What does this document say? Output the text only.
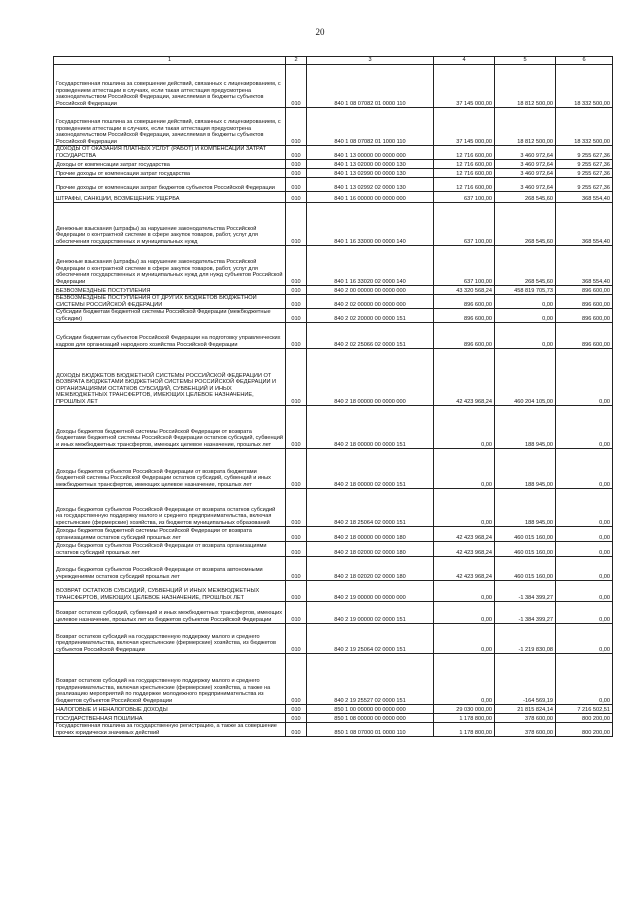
20
1	2	3	4	5	6
Государственная пошлина за совершение действий, связанных с лицензированием, с проведением аттестации в случаях, если такая аттестация предусмотрена законодательством Российской Федерации, зачисляемая в бюджеты субъектов Российской Федерации	010	840 1 08 07082 01 0000 110	37 145 000,00	18 812 500,00	18 332 500,00
Государственная пошлина за совершение действий, связанных с лицензированием, с проведением аттестации в случаях, если такая аттестация предусмотрена законодательством Российской Федерации, зачисляемая в бюджеты субъектов Российской Федерации	010	840 1 08 07082 01 1000 110	37 145 000,00	18 812 500,00	18 332 500,00
ДОХОДЫ ОТ ОКАЗАНИЯ ПЛАТНЫХ УСЛУГ (РАБОТ) И КОМПЕНСАЦИИ ЗАТРАТ ГОСУДАРСТВА	010	840 1 13 00000 00 0000 000	12 716 600,00	3 460 972,64	9 255 627,36
Доходы от компенсации затрат государства	010	840 1 13 02000 00 0000 130	12 716 600,00	3 460 972,64	9 255 627,36
Прочие доходы от компенсации затрат государства	010	840 1 13 02990 00 0000 130	12 716 600,00	3 460 972,64	9 255 627,36
Прочие доходы от компенсации затрат бюджетов субъектов Российской Федерации	010	840 1 13 02992 02 0000 130	12 716 600,00	3 460 972,64	9 255 627,36
ШТРАФЫ, САНКЦИИ, ВОЗМЕЩЕНИЕ УЩЕРБА	010	840 1 16 00000 00 0000 000	637 100,00	268 545,60	368 554,40
Денежные взыскания (штрафы) за нарушение законодательства Российской Федерации о контрактной системе в сфере закупок товаров, работ, услуг для обеспечения государственных и муниципальных нужд	010	840 1 16 33000 00 0000 140	637 100,00	268 545,60	368 554,40
Денежные взыскания (штрафы) за нарушение законодательства Российской Федерации о контрактной системе в сфере закупок товаров, работ, услуг для обеспечения государственных и муниципальных нужд для нужд субъектов Российской Федерации	010	840 1 16 33020 02 0000 140	637 100,00	268 545,60	368 554,40
БЕЗВОЗМЕЗДНЫЕ ПОСТУПЛЕНИЯ	010	840 2 00 00000 00 0000 000	43 320 568,24	458 819 705,73	896 600,00
БЕЗВОЗМЕЗДНЫЕ ПОСТУПЛЕНИЯ ОТ ДРУГИХ БЮДЖЕТОВ БЮДЖЕТНОЙ СИСТЕМЫ РОССИЙСКОЙ ФЕДЕРАЦИИ	010	840 2 02 00000 00 0000 000	896 600,00	0,00	896 600,00
Субсидии бюджетам бюджетной системы Российской Федерации (межбюджетные субсидии)	010	840 2 02 20000 00 0000 151	896 600,00	0,00	896 600,00
Субсидии бюджетам субъектов Российской Федерации на подготовку управленческих кадров для организаций народного хозяйства Российской Федерации	010	840 2 02 25066 02 0000 151	896 600,00	0,00	896 600,00
ДОХОДЫ БЮДЖЕТОВ БЮДЖЕТНОЙ СИСТЕМЫ РОССИЙСКОЙ ФЕДЕРАЦИИ ОТ ВОЗВРАТА БЮДЖЕТАМИ БЮДЖЕТНОЙ СИСТЕМЫ РОССИЙСКОЙ ФЕДЕРАЦИИ И ОРГАНИЗАЦИЯМИ ОСТАТКОВ СУБСИДИЙ, СУБВЕНЦИЙ И ИНЫХ МЕЖБЮДЖЕТНЫХ ТРАНСФЕРТОВ, ИМЕЮЩИХ ЦЕЛЕВОЕ НАЗНАЧЕНИЕ, ПРОШЛЫХ ЛЕТ	010	840 2 18 00000 00 0000 000	42 423 968,24	460 204 105,00	0,00
Доходы бюджетов бюджетной системы Российской Федерации от возврата бюджетами бюджетной системы Российской Федерации остатков субсидий, субвенций и иных межбюджетных трансфертов, имеющих целевое назначение, прошлых лет	010	840 2 18 00000 00 0000 151	0,00	188 945,00	0,00
Доходы бюджетов субъектов Российской Федерации от возврата бюджетами бюджетной системы Российской Федерации остатков субсидий, субвенций и иных межбюджетных трансфертов, имеющих целевое назначение, прошлых лет	010	840 2 18 00000 02 0000 151	0,00	188 945,00	0,00
Доходы бюджетов субъектов Российской Федерации от возврата остатков субсидий на государственную поддержку малого и среднего предпринимательства, включая крестьянские (фермерские) хозяйства, из бюджетов муниципальных образований	010	840 2 18 25064 02 0000 151	0,00	188 945,00	0,00
Доходы бюджетов бюджетной системы Российской Федерации от возврата организациями остатков субсидий прошлых лет	010	840 2 18 00000 00 0000 180	42 423 968,24	460 015 160,00	0,00
Доходы бюджетов субъектов Российской Федерации от возврата организациями остатков субсидий прошлых лет	010	840 2 18 02000 02 0000 180	42 423 968,24	460 015 160,00	0,00
Доходы бюджетов субъектов Российской Федерации от возврата автономными учреждениями остатков субсидий прошлых лет	010	840 2 18 02020 02 0000 180	42 423 968,24	460 015 160,00	0,00
ВОЗВРАТ ОСТАТКОВ СУБСИДИЙ, СУБВЕНЦИЙ И ИНЫХ МЕЖБЮДЖЕТНЫХ ТРАНСФЕРТОВ, ИМЕЮЩИХ ЦЕЛЕВОЕ НАЗНАЧЕНИЕ, ПРОШЛЫХ ЛЕТ	010	840 2 19 00000 00 0000 000	0,00	-1 384 399,27	0,00
Возврат остатков субсидий, субвенций и иных межбюджетных трансфертов, имеющих целевое назначение, прошлых лет из бюджетов субъектов Российской Федерации	010	840 2 19 00000 02 0000 151	0,00	-1 384 399,27	0,00
Возврат остатков субсидий на государственную поддержку малого и среднего предпринимательства, включая крестьянские (фермерские) хозяйства, из бюджетов субъектов Российской Федерации	010	840 2 19 25064 02 0000 151	0,00	-1 219 830,08	0,00
Возврат остатков субсидий на государственную поддержку малого и среднего предпринимательства, включая крестьянские (фермерские) хозяйства, а также на реализацию мероприятий по поддержке молодежного предпринимательства из бюджетов субъектов Российской Федерации	010	840 2 19 25527 02 0000 151	0,00	-164 569,19	0,00
НАЛОГОВЫЕ И НЕНАЛОГОВЫЕ ДОХОДЫ	010	850 1 00 00000 00 0000 000	29 030 000,00	21 815 824,14	7 216 502,51
ГОСУДАРСТВЕННАЯ ПОШЛИНА	010	850 1 08 00000 00 0000 000	1 178 800,00	378 600,00	800 200,00
Государственная пошлина за государственную регистрацию, а также за совершение прочих юридически значимых действий	010	850 1 08 07000 01 0000 110	1 178 800,00	378 600,00	800 200,00
